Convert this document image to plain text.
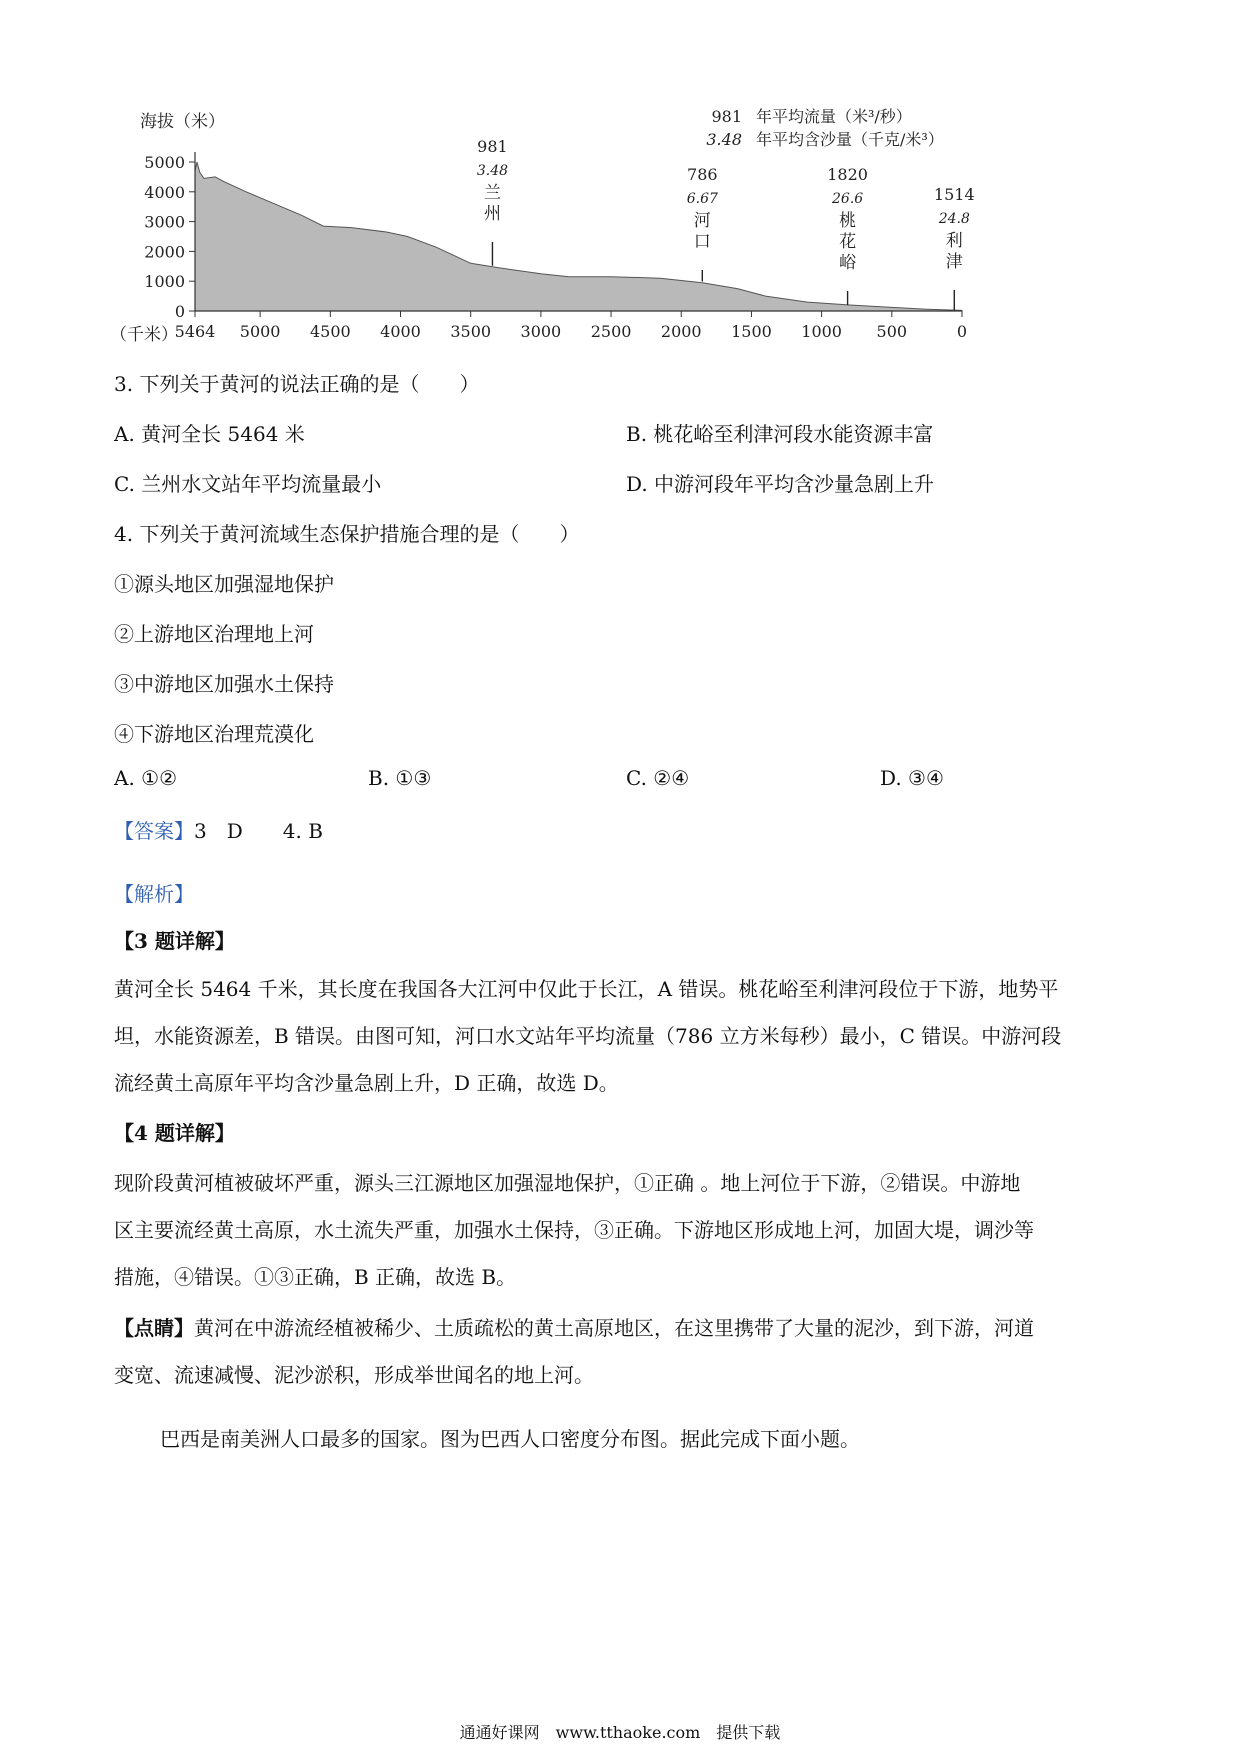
海拔（米）	981 年平均流量（米³/秒）
3.48 年平均含沙量（千克/米³）
5000
4000
3000
2000
1000
0
5464 5000 4500 4000 3500 3000 2500 2000 1500 1000 500	0
981
3.48
兰
州
786
6.67
河
口
1820
26.6
桃
花
峪
1514
24.8
利
津
（千米）
3. 下列关于黄河的说法正确的是（　　）
A. 黄河全长 5464 米	B. 桃花峪至利津河段水能资源丰富
C. 兰州水文站年平均流量最小	D. 中游河段年平均含沙量急剧上升
4. 下列关于黄河流域生态保护措施合理的是（　　）
①源头地区加强湿地保护
②上游地区治理地上河
③中游地区加强水土保持
④下游地区治理荒漠化
A. ①②	B. ①③	C. ②④	D. ③④
【答案】3　D　　4. B
【解析】
【3 题详解】
黄河全长 5464 千米，其长度在我国各大江河中仅此于长江，A 错误。桃花峪至利津河段位于下游，地势平
坦，水能资源差，B 错误。由图可知，河口水文站年平均流量（786 立方米每秒）最小，C 错误。中游河段
流经黄土高原年平均含沙量急剧上升，D 正确，故选 D。
【4 题详解】
现阶段黄河植被破坏严重，源头三江源地区加强湿地保护，①正确 。地上河位于下游，②错误。中游地
区主要流经黄土高原，水土流失严重，加强水土保持，③正确。下游地区形成地上河，加固大堤，调沙等
措施，④错误。①③正确，B 正确，故选 B。
【点睛】黄河在中游流经植被稀少、土质疏松的黄土高原地区，在这里携带了大量的泥沙，到下游，河道
变宽、流速减慢、泥沙淤积，形成举世闻名的地上河。
巴西是南美洲人口最多的国家。图为巴西人口密度分布图。据此完成下面小题。
通通好课网　www.tthaoke.com　提供下载
